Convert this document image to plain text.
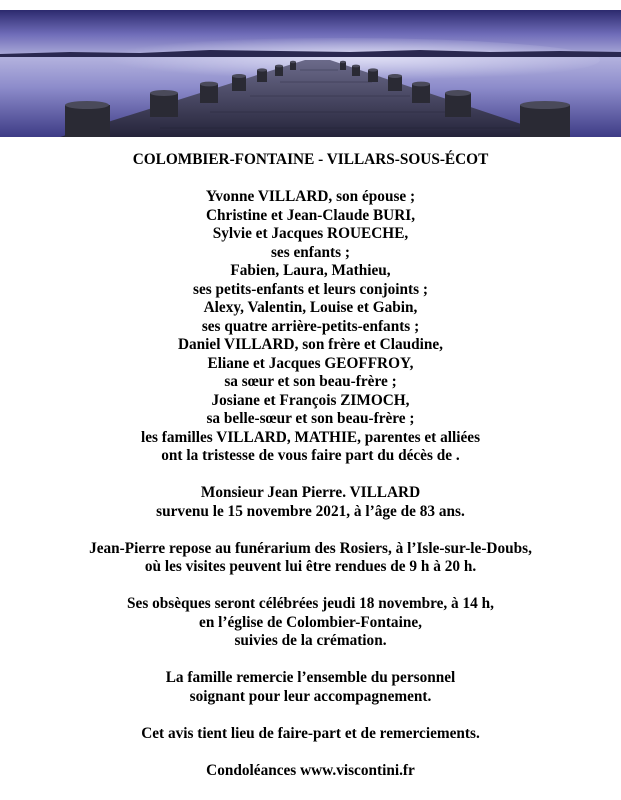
COLOMBIER-FONTAINE - VILLARS-SOUS-ÉCOT
Yvonne VILLARD, son épouse ;
Christine et Jean-Claude BURI,
Sylvie et Jacques ROUECHE,
ses enfants ;
Fabien, Laura, Mathieu,
ses petits-enfants et leurs conjoints ;
Alexy, Valentin, Louise et Gabin,
ses quatre arrière-petits-enfants ;
Daniel VILLARD, son frère et Claudine,
Eliane et Jacques GEOFFROY,
sa sœur et son beau-frère ;
Josiane et François ZIMOCH,
sa belle-sœur et son beau-frère ;
les familles VILLARD, MATHIE, parentes et alliées
ont la tristesse de vous faire part du décès de .
Monsieur Jean Pierre. VILLARD
survenu le 15 novembre 2021, à l’âge de 83 ans.
Jean-Pierre repose au funérarium des Rosiers, à l’Isle-sur-le-Doubs,
où les visites peuvent lui être rendues de 9 h à 20 h.
Ses obsèques seront célébrées jeudi 18 novembre, à 14 h,
en l’église de Colombier-Fontaine,
suivies de la crémation.
La famille remercie l’ensemble du personnel
soignant pour leur accompagnement.
Cet avis tient lieu de faire-part et de remerciements.
Condoléances www.viscontini.fr
